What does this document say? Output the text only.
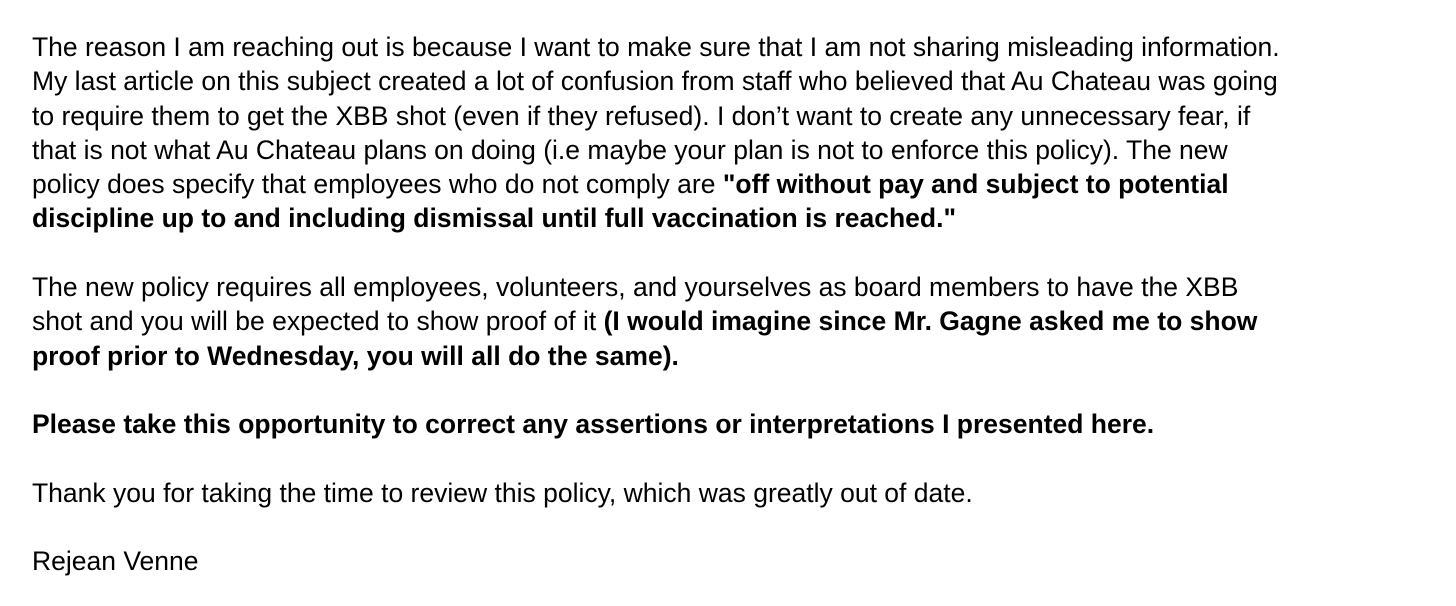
The reason I am reaching out is because I want to make sure that I am not sharing misleading information.
My last article on this subject created a lot of confusion from staff who believed that Au Chateau was going
to require them to get the XBB shot (even if they refused). I don’t want to create any unnecessary fear, if
that is not what Au Chateau plans on doing (i.e maybe your plan is not to enforce this policy). The new
policy does specify that employees who do not comply are "off without pay and subject to potential
discipline up to and including dismissal until full vaccination is reached."

The new policy requires all employees, volunteers, and yourselves as board members to have the XBB
shot and you will be expected to show proof of it (I would imagine since Mr. Gagne asked me to show
proof prior to Wednesday, you will all do the same).

Please take this opportunity to correct any assertions or interpretations I presented here.

Thank you for taking the time to review this policy, which was greatly out of date.

Rejean Venne
